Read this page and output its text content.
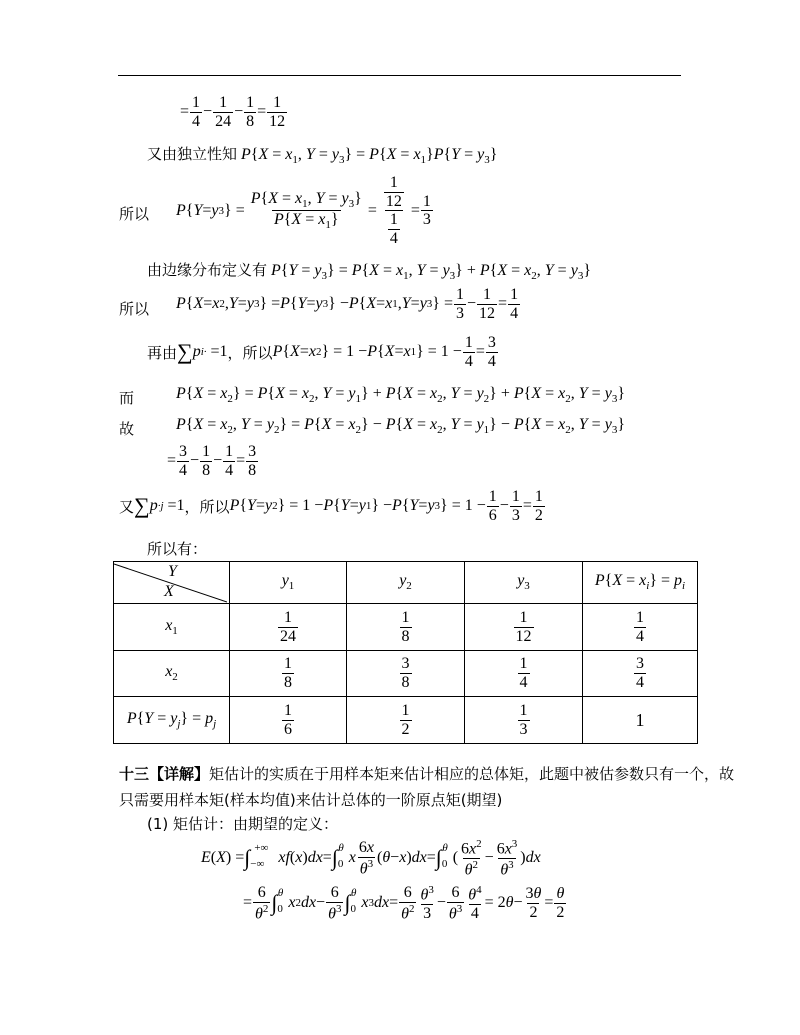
= $\frac{1}{4}$ −
1
24
−
1
8
=
1
12
又由独立性知 $P\{X = x_1$, $Y = y_3\} = P\{X = x_1\}P\{Y = y_3\}$
所以 P { Y = y 3 } =
$P\{X = x_1$, $Y = y_3$}
$P\{X = x_1\}$
= $\frac{1}{12}$
$\frac{1}{4}$
=
1
3
由边缘分布定义有 $P\{Y = y_3\} = P\{X = x_1$, $Y = y_3\} + P\{X = x_2$, $Y = y_3$}
所以 P { X = x 2 , Y = y 3 } = P { Y = y 3 } − P { X = x 1 , Y = y 3 } =
1
3
−
1
12
=
1
4
再由 ∑ p i·
=1 ，所以 P { X = x 2 } = 1 − P { X = x 1 } = 1 −
1
4
=
3
4
而	$P\{X = x_2\} = P\{X = x_2$, $Y = y_1\} + P\{X = x_2$, $Y = y_2\} + P\{X = x_2$, $Y = y_3$}
故	$P\{X = x_2$, $Y = y_2\} = P\{X = x_2\} - P\{X = x_2$, $Y = y_1\} - P\{X = x_2$, $Y = y_3$}
=
3
4
−
1
8
−
1
4
=
3
8
又 ∑ p ·j
=1 ，所以 P { Y = y 2 } = 1 − P { Y = y 1 } − P { Y = y 3 } = 1 −
1
6
−
1
3
=
1
2
所以有：
Y
X	$y_1$	$y_2$	$y_3$	$P\{X = x_i\} = p_i$
$x_1$	$\frac{1}{24}$	$\frac{1}{8}$	$\frac{1}{12}$	$\frac{1}{4}$

$x_2$	$\frac{1}{8}$	$\frac{3}{8}$	$\frac{1}{4}$	$\frac{3}{4}$

$P\{Y = y_j\} = p_j$	$\frac{1}{6}$	$\frac{1}{2}$	$\frac{1}{3}$	1
十三【详解】矩估计的实质在于用样本矩来估计相应的总体矩，此题中被估参数只有一个，故
只需要用样本矩(样本均值)来估计总体的一阶原点矩(期望)
(1) 矩估计：由期望的定义：
E ( X ) = $\int_{-\infty}$
+∞
xf ( x ) dx = $\int_0$
$^\theta$
x
6x
$\theta^3$ ( θ − x ) dx = $\int_0$
$^\theta$
(
$6x^2$
$\theta^2$ −
$6x^3$
$\theta^3$ ) dx
=
6
$\theta^2$ $\int_0$
$^\theta$
x 2 dx −
6
$\theta^3$ $\int_0$
$^\theta$
x 3 dx =
6
$\theta^2$
$\theta^3$
3
−
6
$\theta^3$
$\theta^4$
4
= 2 θ −
3θ
2
=
θ
2
